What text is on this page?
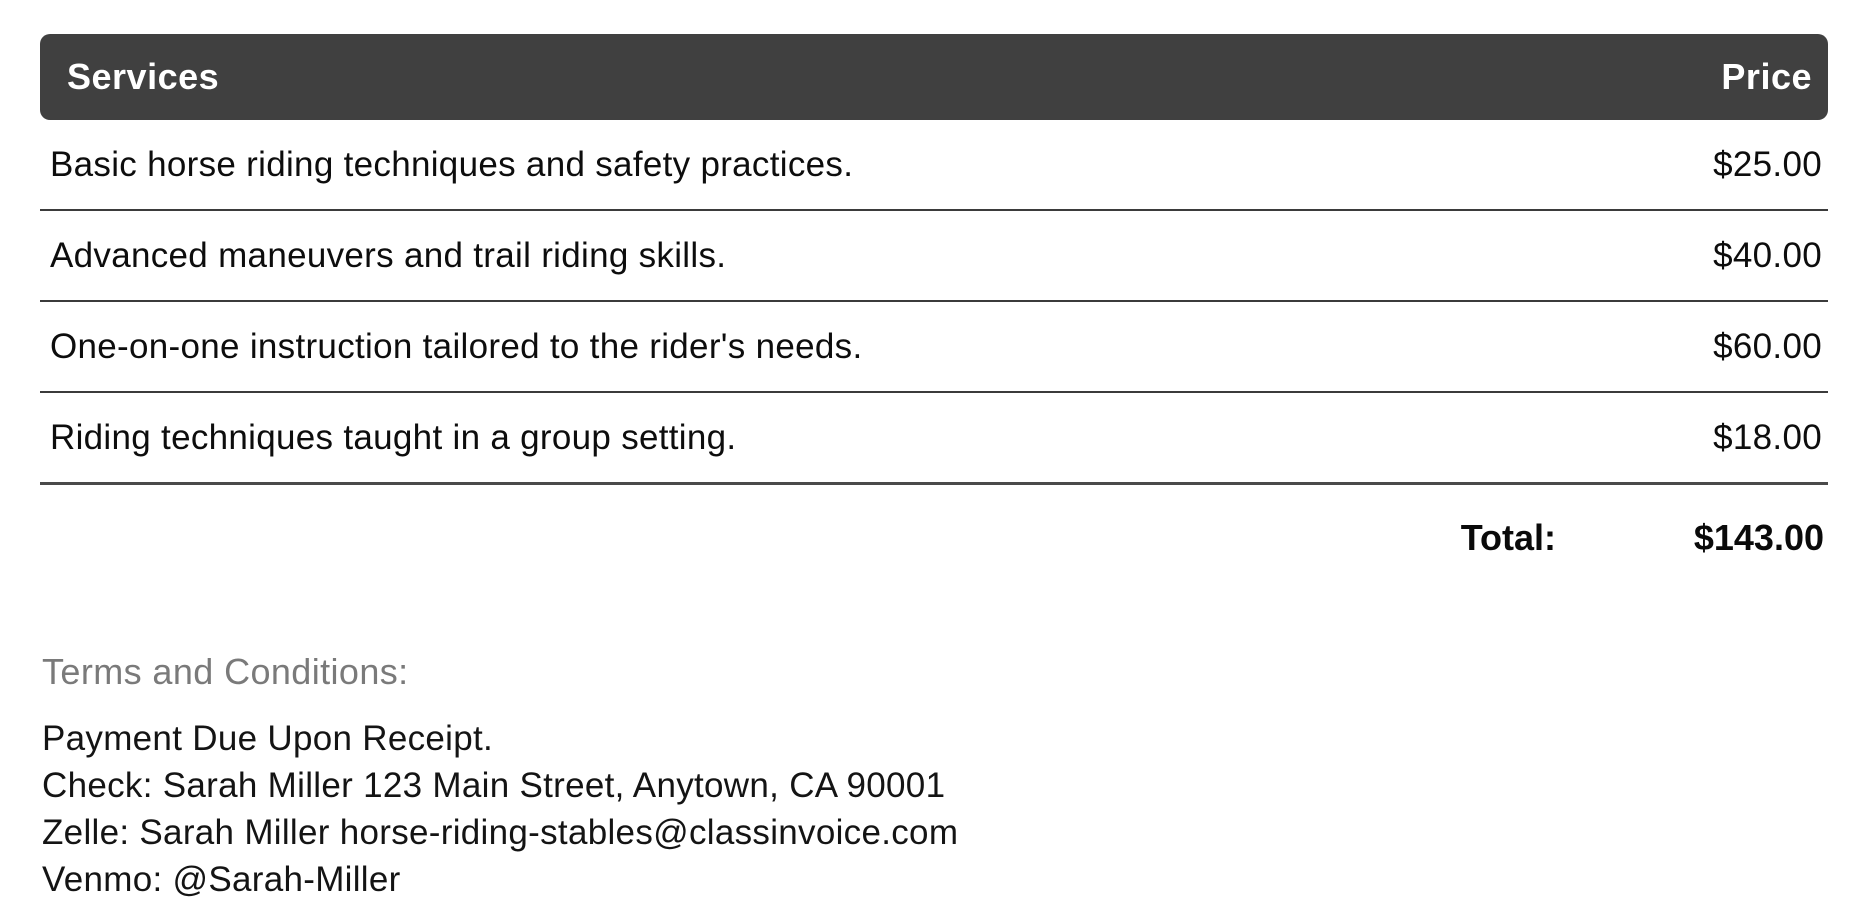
Services	Price
Basic horse riding techniques and safety practices.	$25.00
Advanced maneuvers and trail riding skills.	$40.00
One-on-one instruction tailored to the rider's needs.	$60.00
Riding techniques taught in a group setting.	$18.00
Total:	$143.00
Terms and Conditions:

Payment Due Upon Receipt.

Check: Sarah Miller 123 Main Street, Anytown, CA 90001

Zelle: Sarah Miller horse-riding-stables@classinvoice.com

Venmo: @Sarah-Miller
